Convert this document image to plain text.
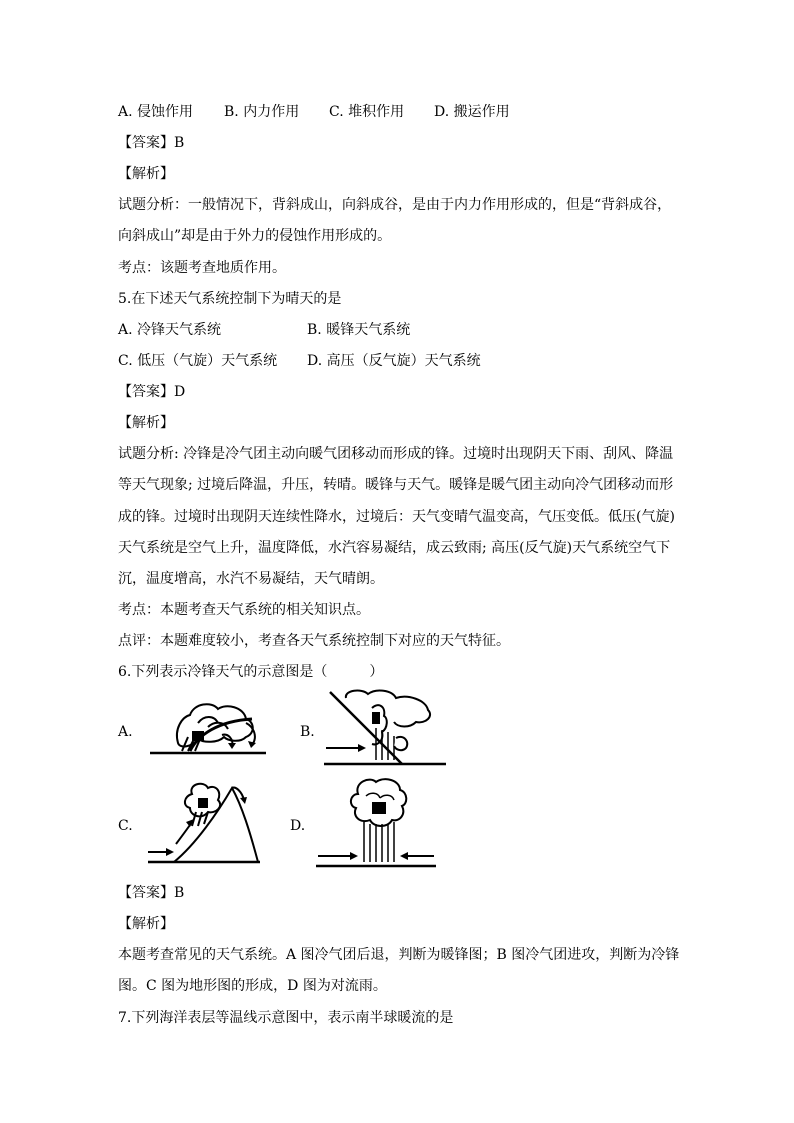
A. 侵蚀作用 B. 内力作用 C. 堆积作用 D. 搬运作用
【答案】B
【解析】
试题分析：一般情况下，背斜成山，向斜成谷，是由于内力作用形成的，但是“背斜成谷，
向斜成山”却是由于外力的侵蚀作用形成的。
考点：该题考查地质作用。
5.在下述天气系统控制下为晴天的是
A. 冷锋天气系统	B. 暖锋天气系统
C. 低压（气旋）天气系统 D. 高压（反气旋）天气系统
【答案】D
【解析】
试题分析: 冷锋是冷气团主动向暖气团移动而形成的锋。过境时出现阴天下雨、刮风、降温
等天气现象; 过境后降温，升压，转晴。暖锋与天气。暖锋是暖气团主动向冷气团移动而形
成的锋。过境时出现阴天连续性降水，过境后：天气变晴气温变高，气压变低。低压(气旋)
天气系统是空气上升，温度降低，水汽容易凝结，成云致雨; 高压(反气旋)天气系统空气下
沉，温度增高，水汽不易凝结，天气晴朗。
考点：本题考查天气系统的相关知识点。
点评：本题难度较小，考查各天气系统控制下对应的天气特征。
6.下列表示冷锋天气的示意图是（　　　）
A.	B.
C.	D.
【答案】B
【解析】
本题考查常见的天气系统。A 图冷气团后退，判断为暖锋图；B 图冷气团进攻，判断为冷锋
图。C 图为地形图的形成，D 图为对流雨。
7.下列海洋表层等温线示意图中，表示南半球暖流的是
